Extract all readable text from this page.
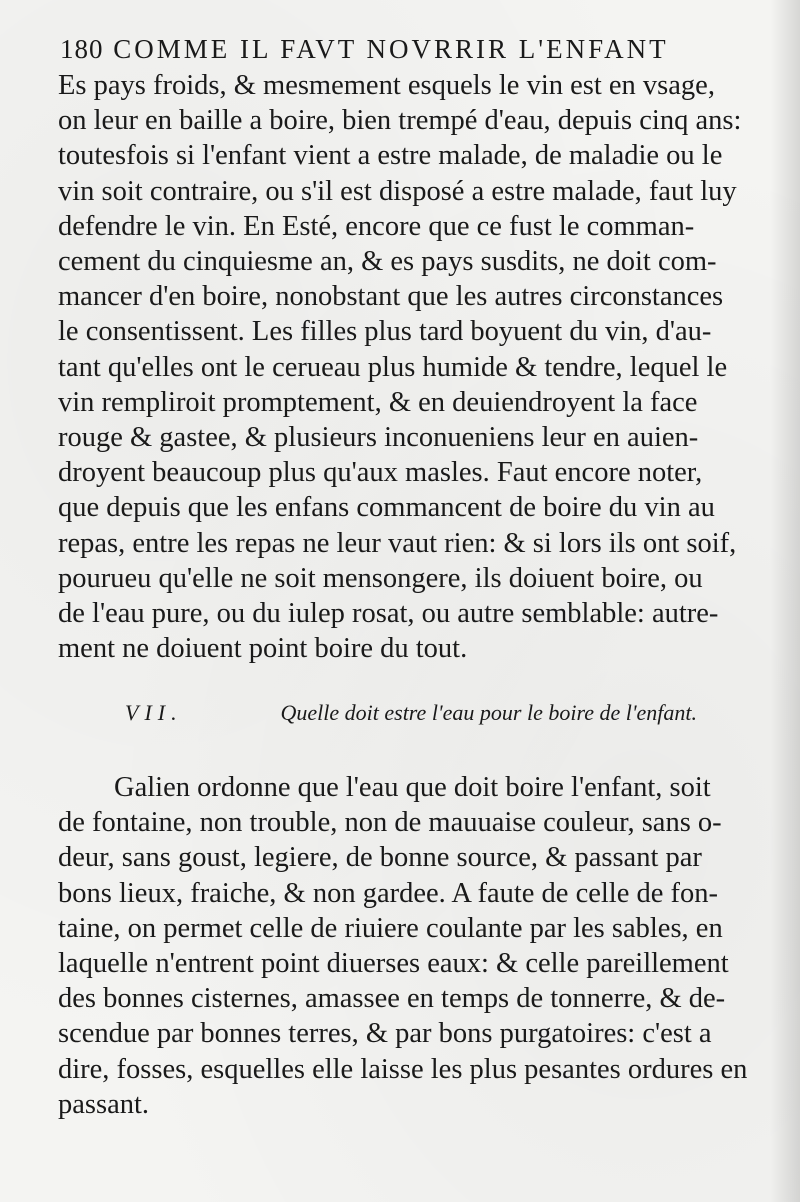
180 COMME IL FAVT NOVRRIR L'ENFANT
Es pays froids, & mesmement esquels le vin est en vsage,
on leur en baille a boire, bien trempé d'eau, depuis cinq ans:
toutesfois si l'enfant vient a estre malade, de maladie ou le
vin soit contraire, ou s'il est disposé a estre malade, faut luy
defendre le vin. En Esté, encore que ce fust le comman-
cement du cinquiesme an, & es pays susdits, ne doit com-
mancer d'en boire, nonobstant que les autres circonstances
le consentissent. Les filles plus tard boyuent du vin, d'au-
tant qu'elles ont le cerueau plus humide & tendre, lequel le
vin rempliroit promptement, & en deuiendroyent la face
rouge & gastee, & plusieurs inconueniens leur en auien-
droyent beaucoup plus qu'aux masles. Faut encore noter,
que depuis que les enfans commancent de boire du vin au
repas, entre les repas ne leur vaut rien: & si lors ils ont soif,
pourueu qu'elle ne soit mensongere, ils doiuent boire, ou
de l'eau pure, ou du iulep rosat, ou autre semblable: autre-
ment ne doiuent point boire du tout.
VII.	Quelle doit estre l'eau pour le boire de l'enfant.
Galien ordonne que l'eau que doit boire l'enfant, soit
de fontaine, non trouble, non de mauuaise couleur, sans o-
deur, sans goust, legiere, de bonne source, & passant par
bons lieux, fraiche, & non gardee. A faute de celle de fon-
taine, on permet celle de riuiere coulante par les sables, en
laquelle n'entrent point diuerses eaux: & celle pareillement
des bonnes cisternes, amassee en temps de tonnerre, & de-
scendue par bonnes terres, & par bons purgatoires: c'est a
dire, fosses, esquelles elle laisse les plus pesantes ordures en
passant.
